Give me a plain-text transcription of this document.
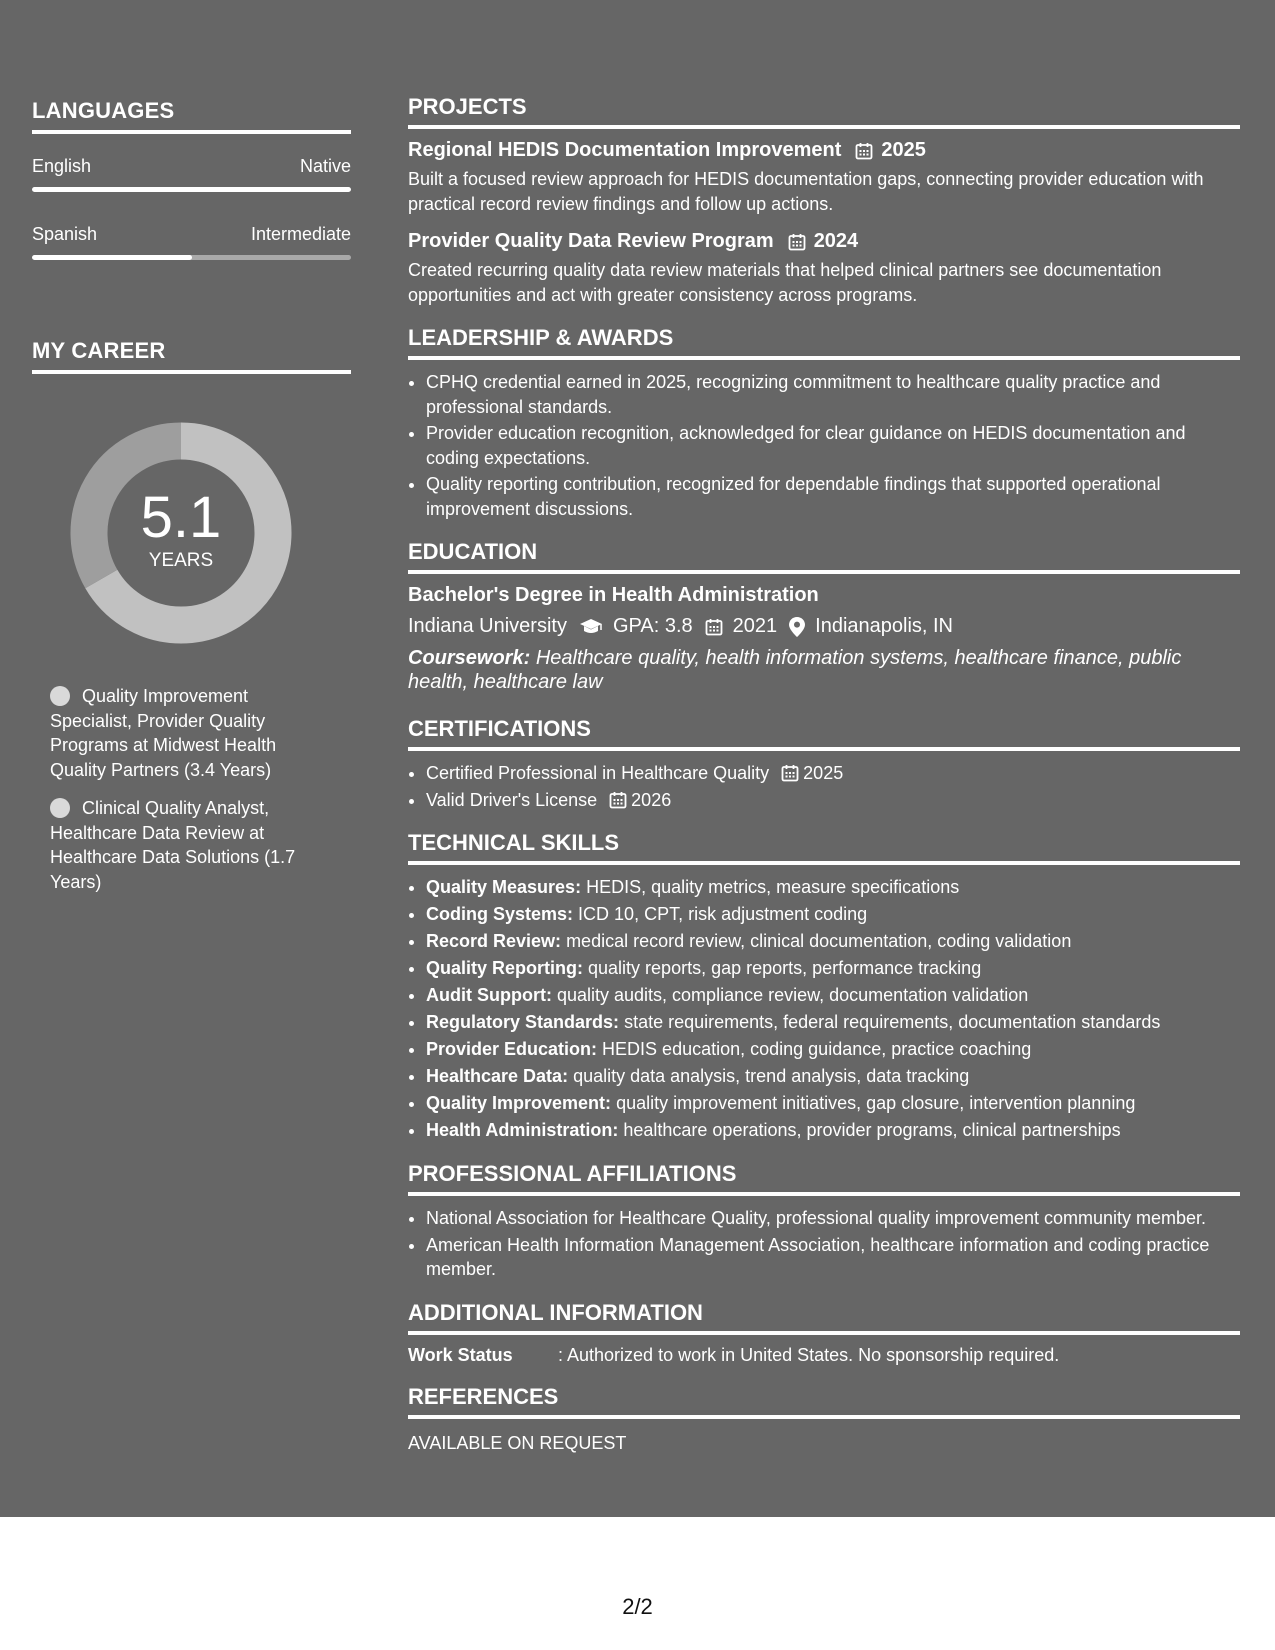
LANGUAGES
English	Native
Spanish	Intermediate
MY CAREER
5.1
YEARS
Quality Improvement Specialist, Provider Quality Programs at Midwest Health Quality Partners (3.4 Years)
Clinical Quality Analyst, Healthcare Data Review at Healthcare Data Solutions (1.7 Years)
PROJECTS
Regional HEDIS Documentation Improvement 2025
Built a focused review approach for HEDIS documentation gaps, connecting provider education with practical record review findings and follow up actions.
Provider Quality Data Review Program 2024
Created recurring quality data review materials that helped clinical partners see documentation opportunities and act with greater consistency across programs.
LEADERSHIP & AWARDS
• CPHQ credential earned in 2025, recognizing commitment to healthcare quality practice and professional standards.
• Provider education recognition, acknowledged for clear guidance on HEDIS documentation and coding expectations.
• Quality reporting contribution, recognized for dependable findings that supported operational improvement discussions.
EDUCATION
Bachelor's Degree in Health Administration
Indiana University GPA: 3.8 2021 Indianapolis, IN
Coursework: Healthcare quality, health information systems, healthcare finance, public health, healthcare law
CERTIFICATIONS
• Certified Professional in Healthcare Quality 2025
• Valid Driver's License 2026
TECHNICAL SKILLS
• Quality Measures: HEDIS, quality metrics, measure specifications
• Coding Systems: ICD 10, CPT, risk adjustment coding
• Record Review: medical record review, clinical documentation, coding validation
• Quality Reporting: quality reports, gap reports, performance tracking
• Audit Support: quality audits, compliance review, documentation validation
• Regulatory Standards: state requirements, federal requirements, documentation standards
• Provider Education: HEDIS education, coding guidance, practice coaching
• Healthcare Data: quality data analysis, trend analysis, data tracking
• Quality Improvement: quality improvement initiatives, gap closure, intervention planning
• Health Administration: healthcare operations, provider programs, clinical partnerships
PROFESSIONAL AFFILIATIONS
• National Association for Healthcare Quality, professional quality improvement community member.
• American Health Information Management Association, healthcare information and coding practice member.
ADDITIONAL INFORMATION
Work Status	: Authorized to work in United States. No sponsorship required.
REFERENCES
AVAILABLE ON REQUEST
2/2
